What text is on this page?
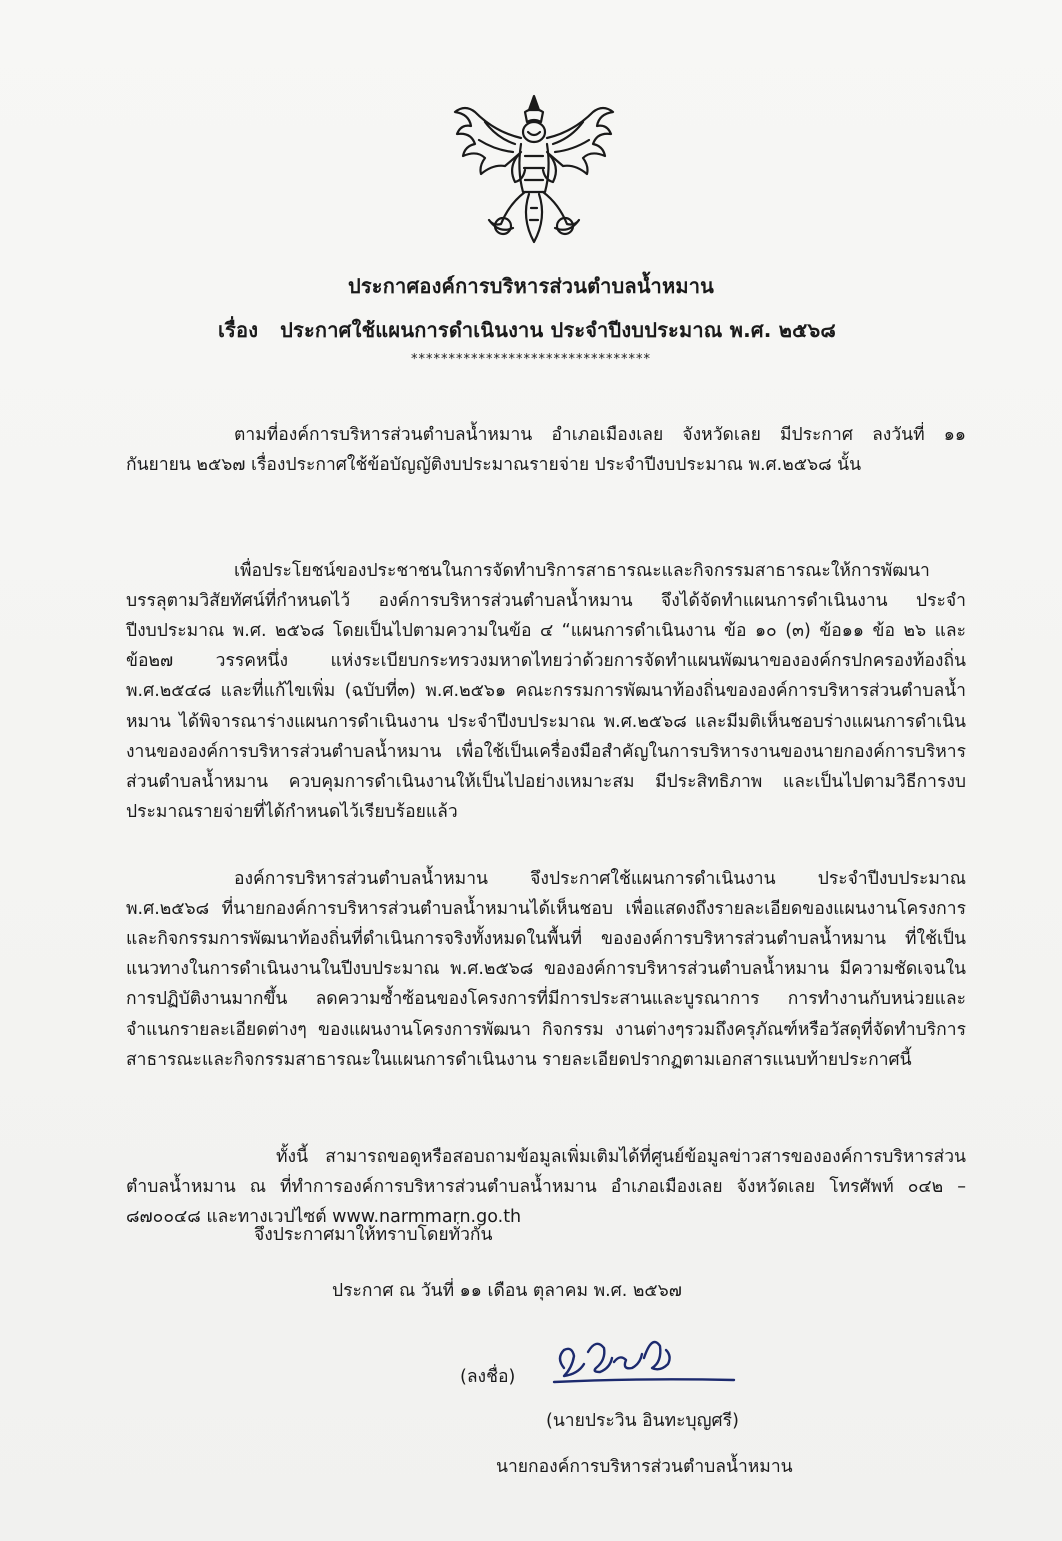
ประกาศองค์การบริหารส่วนตำบลน้ำหมาน
เรื่อง ประกาศใช้แผนการดำเนินงาน ประจำปีงบประมาณ พ.ศ. ๒๕๖๘
********************************

ตามที่องค์การบริหารส่วนตำบลน้ำหมาน อำเภอเมืองเลย จังหวัดเลย มีประกาศ ลงวันที่ ๑๑ กันยายน ๒๕๖๗ เรื่องประกาศใช้ข้อบัญญัติงบประมาณรายจ่าย ประจำปีงบประมาณ พ.ศ.๒๕๖๘ นั้น

เพื่อประโยชน์ของประชาชนในการจัดทำบริการสาธารณะและกิจกรรมสาธารณะให้การพัฒนาบรรลุตามวิสัยทัศน์ที่กำหนดไว้ องค์การบริหารส่วนตำบลน้ำหมาน จึงได้จัดทำแผนการดำเนินงาน ประจำปีงบประมาณ พ.ศ. ๒๕๖๘ โดยเป็นไปตามความในข้อ ๔ “แผนการดำเนินงาน ข้อ ๑๐ (๓) ข้อ๑๑ ข้อ ๒๖ และข้อ๒๗ วรรคหนึ่ง แห่งระเบียบกระทรวงมหาดไทยว่าด้วยการจัดทำแผนพัฒนาขององค์กรปกครองท้องถิ่น พ.ศ.๒๕๔๘ และที่แก้ไขเพิ่ม (ฉบับที่๓) พ.ศ.๒๕๖๑ คณะกรรมการพัฒนาท้องถิ่นขององค์การบริหารส่วนตำบลน้ำหมาน ได้พิจารณาร่างแผนการดำเนินงาน ประจำปีงบประมาณ พ.ศ.๒๕๖๘ และมีมติเห็นชอบร่างแผนการดำเนินงานขององค์การบริหารส่วนตำบลน้ำหมาน เพื่อใช้เป็นเครื่องมือสำคัญในการบริหารงานของนายกองค์การบริหารส่วนตำบลน้ำหมาน ควบคุมการดำเนินงานให้เป็นไปอย่างเหมาะสม มีประสิทธิภาพ และเป็นไปตามวิธีการงบประมาณรายจ่ายที่ได้กำหนดไว้เรียบร้อยแล้ว

องค์การบริหารส่วนตำบลน้ำหมาน จึงประกาศใช้แผนการดำเนินงาน ประจำปีงบประมาณ พ.ศ.๒๕๖๘ ที่นายกองค์การบริหารส่วนตำบลน้ำหมานได้เห็นชอบ เพื่อแสดงถึงรายละเอียดของแผนงานโครงการและกิจกรรมการพัฒนาท้องถิ่นที่ดำเนินการจริงทั้งหมดในพื้นที่ ขององค์การบริหารส่วนตำบลน้ำหมาน ที่ใช้เป็นแนวทางในการดำเนินงานในปีงบประมาณ พ.ศ.๒๕๖๘ ขององค์การบริหารส่วนตำบลน้ำหมาน มีความชัดเจนในการปฏิบัติงานมากขึ้น ลดความซ้ำซ้อนของโครงการที่มีการประสานและบูรณาการ การทำงานกับหน่วยและจำแนกรายละเอียดต่างๆ ของแผนงานโครงการพัฒนา กิจกรรม งานต่างๆรวมถึงครุภัณฑ์หรือวัสดุที่จัดทำบริการสาธารณะและกิจกรรมสาธารณะในแผนการดำเนินงาน รายละเอียดปรากฏตามเอกสารแนบท้ายประกาศนี้

ทั้งนี้ สามารถขอดูหรือสอบถามข้อมูลเพิ่มเติมได้ที่ศูนย์ข้อมูลข่าวสารขององค์การบริหารส่วนตำบลน้ำหมาน ณ ที่ทำการองค์การบริหารส่วนตำบลน้ำหมาน อำเภอเมืองเลย จังหวัดเลย โทรศัพท์ ๐๔๒ – ๘๗๐๐๔๘ และทางเวปไซต์ www.narmmarn.go.th

จึงประกาศมาให้ทราบโดยทั่วกัน
ประกาศ ณ วันที่ ๑๑ เดือน ตุลาคม พ.ศ. ๒๕๖๗
(ลงชื่อ)
(นายประวิน อินทะบุญศรี)
นายกองค์การบริหารส่วนตำบลน้ำหมาน
